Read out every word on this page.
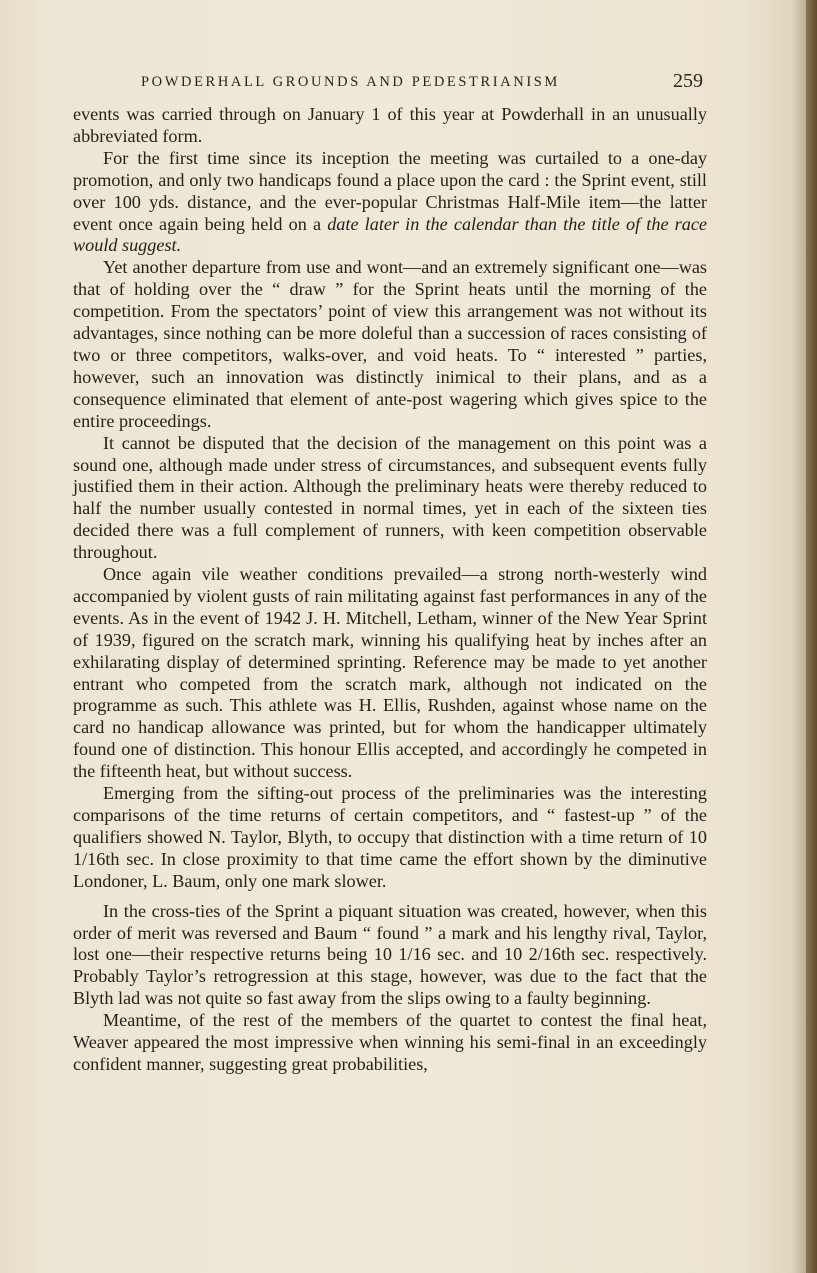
POWDERHALL GROUNDS AND PEDESTRIANISM	259

events was carried through on January 1 of this year at Powderhall in an unusually abbreviated form.

For the first time since its inception the meeting was curtailed to a one-day promotion, and only two handicaps found a place upon the card : the Sprint event, still over 100 yds. distance, and the ever-popular Christmas Half-Mile item—the latter event once again being held on a date later in the calendar than the title of the race would suggest.

Yet another departure from use and wont—and an extremely significant one—was that of holding over the “ draw ” for the Sprint heats until the morning of the competition. From the spectators’ point of view this arrangement was not without its advantages, since nothing can be more doleful than a succession of races consisting of two or three competitors, walks-over, and void heats. To “ interested ” parties, however, such an innovation was distinctly inimical to their plans, and as a consequence eliminated that element of ante-post wagering which gives spice to the entire proceedings.

It cannot be disputed that the decision of the management on this point was a sound one, although made under stress of circumstances, and subsequent events fully justified them in their action. Although the preliminary heats were thereby reduced to half the number usually contested in normal times, yet in each of the sixteen ties decided there was a full complement of runners, with keen competition observable throughout.

Once again vile weather conditions prevailed—a strong north-westerly wind accompanied by violent gusts of rain militating against fast performances in any of the events. As in the event of 1942 J. H. Mitchell, Letham, winner of the New Year Sprint of 1939, figured on the scratch mark, winning his qualifying heat by inches after an exhilarating display of determined sprinting. Reference may be made to yet another entrant who competed from the scratch mark, although not indicated on the programme as such. This athlete was H. Ellis, Rushden, against whose name on the card no handicap allowance was printed, but for whom the handicapper ultimately found one of distinction. This honour Ellis accepted, and accordingly he competed in the fifteenth heat, but without success.

Emerging from the sifting-out process of the preliminaries was the interesting comparisons of the time returns of certain competitors, and “ fastest-up ” of the qualifiers showed N. Taylor, Blyth, to occupy that distinction with a time return of 10 1/16th sec. In close proximity to that time came the effort shown by the diminutive Londoner, L. Baum, only one mark slower.

In the cross-ties of the Sprint a piquant situation was created, however, when this order of merit was reversed and Baum “ found ” a mark and his lengthy rival, Taylor, lost one—their respective returns being 10 1/16 sec. and 10 2/16th sec. respectively. Probably Taylor’s retrogression at this stage, however, was due to the fact that the Blyth lad was not quite so fast away from the slips owing to a faulty beginning.

Meantime, of the rest of the members of the quartet to contest the final heat, Weaver appeared the most impressive when winning his semi-final in an exceedingly confident manner, suggesting great probabilities,
